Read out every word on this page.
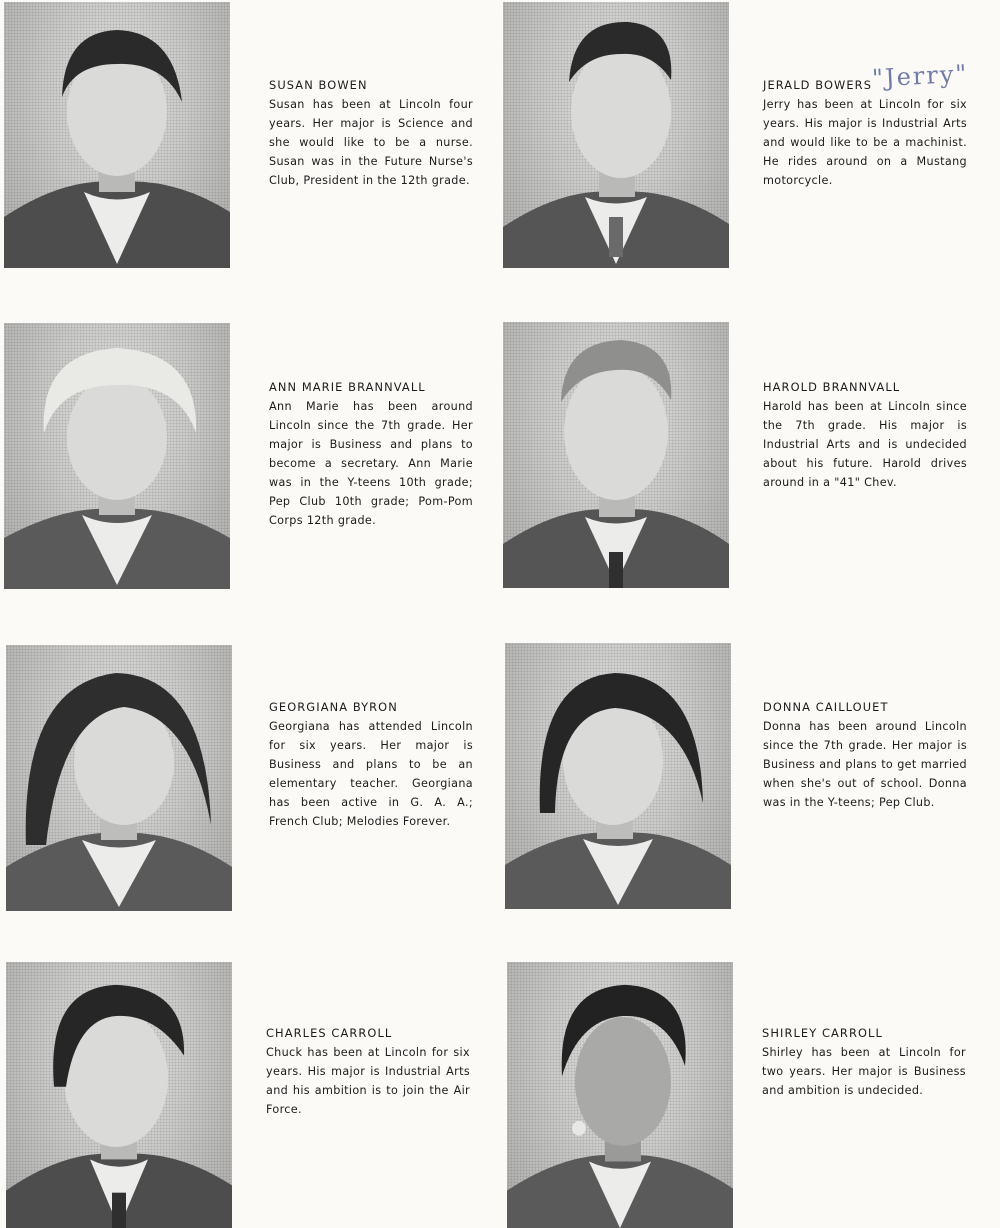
SUSAN BOWEN
Susan has been at Lincoln four years. Her major is Science and she would like to be a nurse. Susan was in the Future Nurse's Club, President in the 12th grade.
JERALD BOWERS
Jerry has been at Lincoln for six years. His major is Industrial Arts and would like to be a machinist. He rides around on a Mustang motorcycle.
"Jerry"
ANN MARIE BRANNVALL
Ann Marie has been around Lincoln since the 7th grade. Her major is Business and plans to become a secretary. Ann Marie was in the Y-teens 10th grade; Pep Club 10th grade; Pom-Pom Corps 12th grade.
HAROLD BRANNVALL
Harold has been at Lincoln since the 7th grade. His major is Industrial Arts and is undecided about his future. Harold drives around in a "41" Chev.
GEORGIANA BYRON
Georgiana has attended Lincoln for six years. Her major is Business and plans to be an elementary teacher. Georgiana has been active in G. A. A.; French Club; Melodies Forever.
DONNA CAILLOUET
Donna has been around Lincoln since the 7th grade. Her major is Business and plans to get married when she's out of school. Donna was in the Y-teens; Pep Club.
CHARLES CARROLL
Chuck has been at Lincoln for six years. His major is Industrial Arts and his ambition is to join the Air Force.
SHIRLEY CARROLL
Shirley has been at Lincoln for two years. Her major is Business and ambition is undecided.
